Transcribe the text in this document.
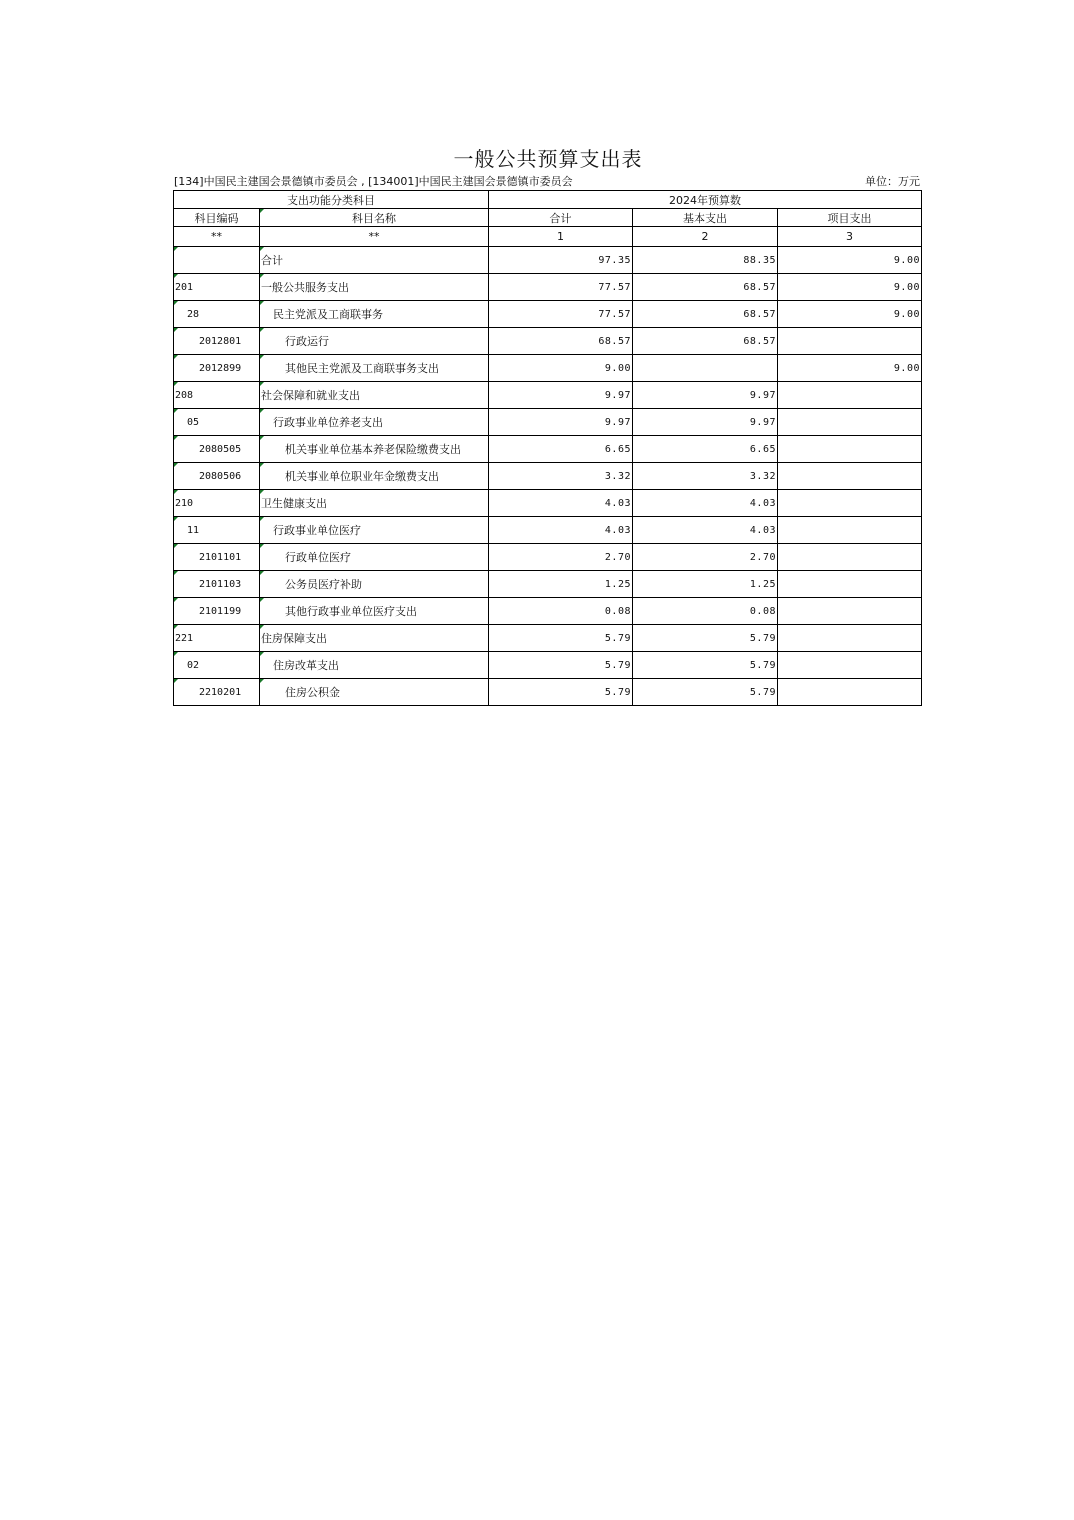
一般公共预算支出表
[134]中国民主建国会景德镇市委员会 , [134001]中国民主建国会景德镇市委员会	单位：万元
支出功能分类科目		2024年预算数		
科目编码	科目名称	合计	基本支出	项目支出
**	**	1	2	3
	合计	97.35	88.35	9.00
201	一般公共服务支出	77.57	68.57	9.00
28	民主党派及工商联事务	77.57	68.57	9.00
2012801	行政运行	68.57	68.57	
2012899	其他民主党派及工商联事务支出	9.00		9.00
208	社会保障和就业支出	9.97	9.97	
05	行政事业单位养老支出	9.97	9.97	
2080505	机关事业单位基本养老保险缴费支出	6.65	6.65	
2080506	机关事业单位职业年金缴费支出	3.32	3.32	
210	卫生健康支出	4.03	4.03	
11	行政事业单位医疗	4.03	4.03	
2101101	行政单位医疗	2.70	2.70	
2101103	公务员医疗补助	1.25	1.25	
2101199	其他行政事业单位医疗支出	0.08	0.08	
221	住房保障支出	5.79	5.79	
02	住房改革支出	5.79	5.79	
2210201	住房公积金	5.79	5.79	
